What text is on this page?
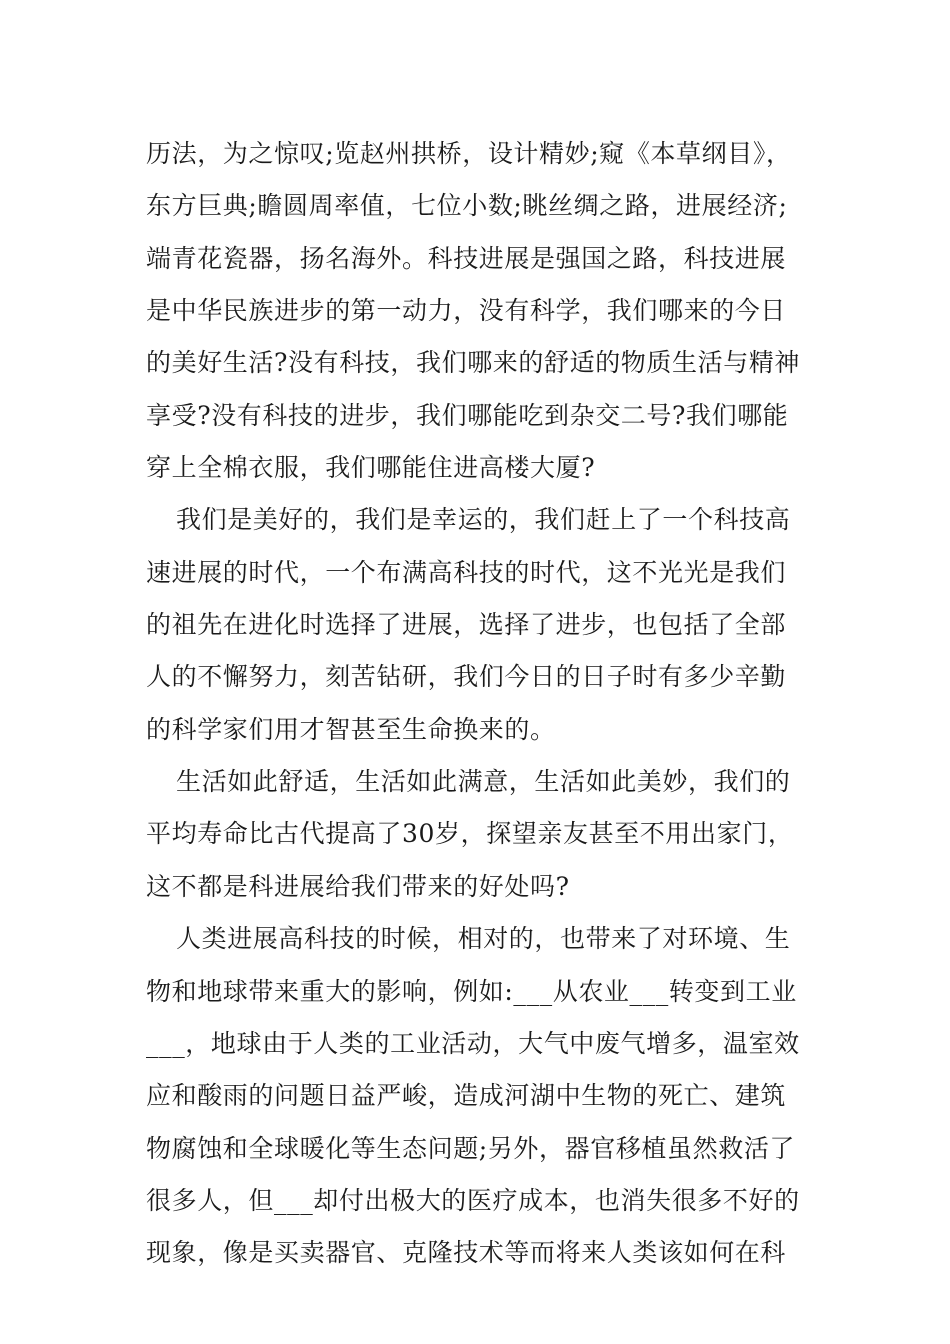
历法，为之惊叹;览赵州拱桥，设计精妙;窥《本草纲目》，
东方巨典;瞻圆周率值，七位小数;眺丝绸之路，进展经济;
端青花瓷器，扬名海外。科技进展是强国之路，科技进展
是中华民族进步的第一动力，没有科学，我们哪来的今日
的美好生活?没有科技，我们哪来的舒适的物质生活与精神
享受?没有科技的进步，我们哪能吃到杂交二号?我们哪能
穿上全棉衣服，我们哪能住进高楼大厦?
我们是美好的，我们是幸运的，我们赶上了一个科技高
速进展的时代，一个布满高科技的时代，这不光光是我们
的祖先在进化时选择了进展，选择了进步，也包括了全部
人的不懈努力，刻苦钻研，我们今日的日子时有多少辛勤
的科学家们用才智甚至生命换来的。
生活如此舒适，生活如此满意，生活如此美妙，我们的
平均寿命比古代提高了30岁，探望亲友甚至不用出家门，
这不都是科进展给我们带来的好处吗?
人类进展高科技的时候，相对的，也带来了对环境、生
物和地球带来重大的影响，例如:___从农业___转变到工业
___，地球由于人类的工业活动，大气中废气增多，温室效
应和酸雨的问题日益严峻，造成河湖中生物的死亡、建筑
物腐蚀和全球暖化等生态问题;另外，器官移植虽然救活了
很多人，但___却付出极大的医疗成本，也消失很多不好的
现象，像是买卖器官、克隆技术等而将来人类该如何在科
